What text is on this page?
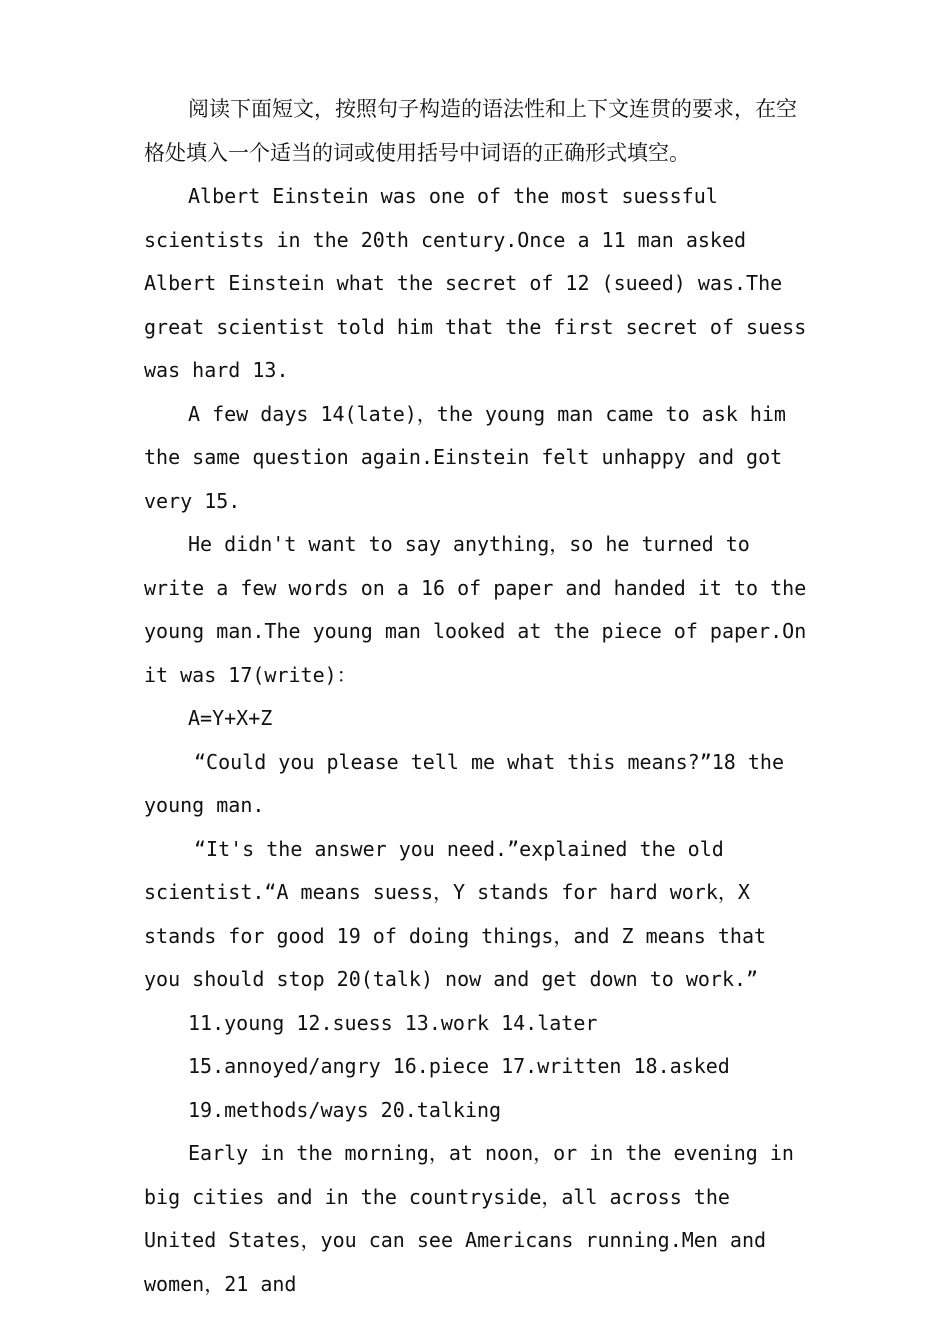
阅读下面短文，按照句子构造的语法性和上下文连贯的要求，在空格处填入一个适当的词或使用括号中词语的正确形式填空。

Albert Einstein was one of the most suessful scientists in the 20th century.Once a 11 man asked Albert Einstein what the secret of 12 (sueed) was.The great scientist told him that the first secret of suess was hard 13.

A few days 14(late)，the young man came to ask him the same question again.Einstein felt unhappy and got very 15.

He didn't want to say anything，so he turned to write a few words on a 16 of paper and handed it to the young man.The young man looked at the piece of paper.On it was 17(write)：

A=Y+X+Z

“Could you please tell me what this means?”18 the young man.

“It's the answer you need.”explained the old scientist.“A means suess，Y stands for hard work，X stands for good 19 of doing things，and Z means that you should stop 20(talk) now and get down to work.”

11.young 12.suess 13.work 14.later

15.annoyed/angry 16.piece 17.written 18.asked

19.methods/ways 20.talking

Early in the morning，at noon，or in the evening in big cities and in the countryside，all across the United States，you can see Americans running.Men and women，21 and
